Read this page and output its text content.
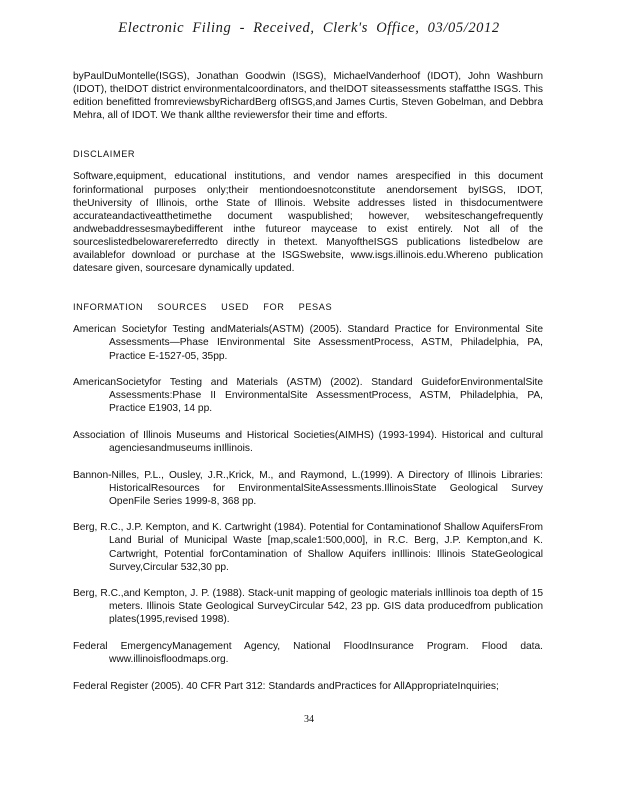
Electronic Filing - Received, Clerk's Office, 03/05/2012

byPaulDuMontelle(ISGS), Jonathan Goodwin (ISGS), MichaelVanderhoof (IDOT), John Washburn (IDOT), theIDOT district environmentalcoordinators, and theIDOT siteassessments staffatthe ISGS. This edition benefitted fromreviewsbyRichardBerg ofISGS,and James Curtis, Steven Gobelman, and Debbra Mehra, all of IDOT. We thank allthe reviewersfor their time and efforts.

DISCLAIMER

Software,equipment, educational institutions, and vendor names arespecified in this document forinformational purposes only;their mentiondoesnotconstitute anendorsement byISGS, IDOT, theUniversity of Illinois, orthe State of Illinois. Website addresses listed in thisdocumentwere accurateandactiveatthetimethe document waspublished; however, websiteschangefrequently andwebaddressesmaybedifferent inthe futureor maycease to exist entirely. Not all of the sourceslistedbelowarereferredto directly in thetext. ManyoftheISGS publications listedbelow are availablefor download or purchase at the ISGSwebsite, www.isgs.illinois.edu.Whereno publication datesare given, sourcesare dynamically updated.

INFORMATION SOURCES USED FOR PESAS

American Societyfor Testing andMaterials(ASTM) (2005). Standard Practice for Environmental Site Assessments—Phase IEnvironmental Site AssessmentProcess, ASTM, Philadelphia, PA, Practice E-1527-05, 35pp.
AmericanSocietyfor Testing and Materials (ASTM) (2002). Standard GuideforEnvironmentalSite Assessments:Phase II EnvironmentalSite AssessmentProcess, ASTM, Philadelphia, PA, Practice E1903, 14 pp.
Association of Illinois Museums and Historical Societies(AIMHS) (1993-1994). Historical and cultural agenciesandmuseums inIllinois.
Bannon-Nilles, P.L., Ousley, J.R.,Krick, M., and Raymond, L.(1999). A Directory of Illinois Libraries: HistoricalResources for EnvironmentalSiteAssessments.IllinoisState Geological Survey OpenFile Series 1999-8, 368 pp.
Berg, R.C., J.P. Kempton, and K. Cartwright (1984). Potential for Contaminationof Shallow AquifersFrom Land Burial of Municipal Waste [map,scale1:500,000], in R.C. Berg, J.P. Kempton,and K. Cartwright, Potential forContamination of Shallow Aquifers inIllinois: Illinois StateGeological Survey,Circular 532,30 pp.
Berg, R.C.,and Kempton, J. P. (1988). Stack-unit mapping of geologic materials inIllinois toa depth of 15 meters. Illinois State Geological SurveyCircular 542, 23 pp. GIS data producedfrom publication plates(1995,revised 1998).
Federal EmergencyManagement Agency, National FloodInsurance Program. Flood data. www.illinoisfloodmaps.org.
Federal Register (2005). 40 CFR Part 312: Standards andPractices for AllAppropriateInquiries;
34
